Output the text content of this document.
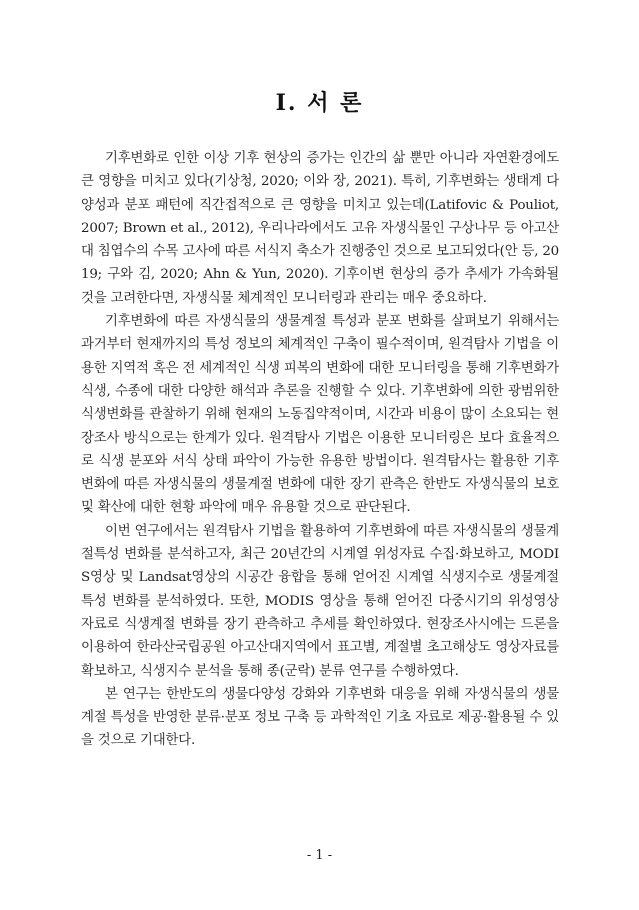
Ⅰ. 서 론

기후변화로 인한 이상 기후 현상의 증가는 인간의 삶 뿐만 아니라 자연환경에도 큰 영향을 미치고 있다(기상청, 2020; 이와 장, 2021). 특히, 기후변화는 생태계 다양성과 분포 패턴에 직간접적으로 큰 영향을 미치고 있는데(Latifovic & Pouliot, 2007; Brown et al., 2012), 우리나라에서도 고유 자생식물인 구상나무 등 아고산대 침엽수의 수목 고사에 따른 서식지 축소가 진행중인 것으로 보고되었다(안 등, 2019; 구와 김, 2020; Ahn & Yun, 2020). 기후이변 현상의 증가 추세가 가속화될 것을 고려한다면, 자생식물 체계적인 모니터링과 관리는 매우 중요하다.

기후변화에 따른 자생식물의 생물계절 특성과 분포 변화를 살펴보기 위해서는 과거부터 현재까지의 특성 정보의 체계적인 구축이 필수적이며, 원격탐사 기법을 이용한 지역적 혹은 전 세계적인 식생 피복의 변화에 대한 모니터링을 통해 기후변화가 식생, 수종에 대한 다양한 해석과 추론을 진행할 수 있다. 기후변화에 의한 광범위한 식생변화를 관찰하기 위해 현재의 노동집약적이며, 시간과 비용이 많이 소요되는 현장조사 방식으로는 한계가 있다. 원격탐사 기법은 이용한 모니터링은 보다 효율적으로 식생 분포와 서식 상태 파악이 가능한 유용한 방법이다. 원격탐사는 활용한 기후변화에 따른 자생식물의 생물계절 변화에 대한 장기 관측은 한반도 자생식물의 보호 및 확산에 대한 현황 파악에 매우 유용할 것으로 판단된다.

이번 연구에서는 원격탐사 기법을 활용하여 기후변화에 따른 자생식물의 생물계절특성 변화를 분석하고자, 최근 20년간의 시계열 위성자료 수집·화보하고, MODIS영상 및 Landsat영상의 시공간 융합을 통해 얻어진 시계열 식생지수로 생물계절 특성 변화를 분석하였다. 또한, MODIS 영상을 통해 얻어진 다중시기의 위성영상 자료로 식생계절 변화를 장기 관측하고 추세를 확인하였다. 현장조사시에는 드론을 이용하여 한라산국립공원 아고산대지역에서 표고별, 계절별 초고해상도 영상자료를 확보하고, 식생지수 분석을 통해 종(군락) 분류 연구를 수행하였다.

본 연구는 한반도의 생물다양성 강화와 기후변화 대응을 위해 자생식물의 생물계절 특성을 반영한 분류·분포 정보 구축 등 과학적인 기초 자료로 제공·활용될 수 있을 것으로 기대한다.

- 1 -
